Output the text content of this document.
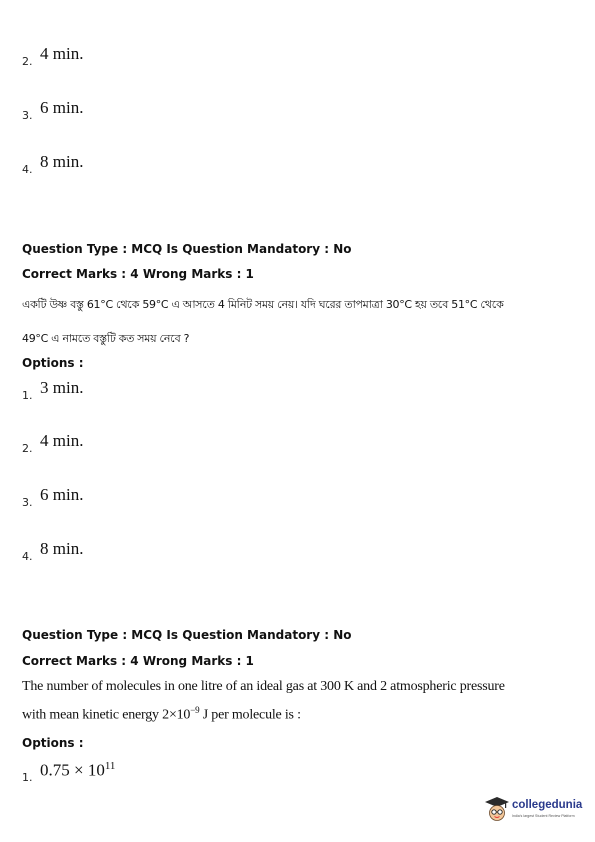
2. 4 min.
3. 6 min.
4. 8 min.
Question Type : MCQ Is Question Mandatory : No
Correct Marks : 4 Wrong Marks : 1
একটি উষ্ণ বস্তু 61°C থেকে 59°C এ আসতে 4 মিনিট সময় নেয়। যদি ঘরের তাপমাত্রা 30°C হয় তবে 51°C থেকে
49°C এ নামতে বস্তুটি কত সময় নেবে ?
Options :
1. 3 min.
2. 4 min.
3. 6 min.
4. 8 min.
Question Type : MCQ Is Question Mandatory : No
Correct Marks : 4 Wrong Marks : 1
The number of molecules in one litre of an ideal gas at 300 K and 2 atmospheric pressure
with mean kinetic energy $2\times 10^{-9}$ J per molecule is :
Options :
1. $0.75 \times 10^{11}$
collegedunia
India's largest Student Review Platform
